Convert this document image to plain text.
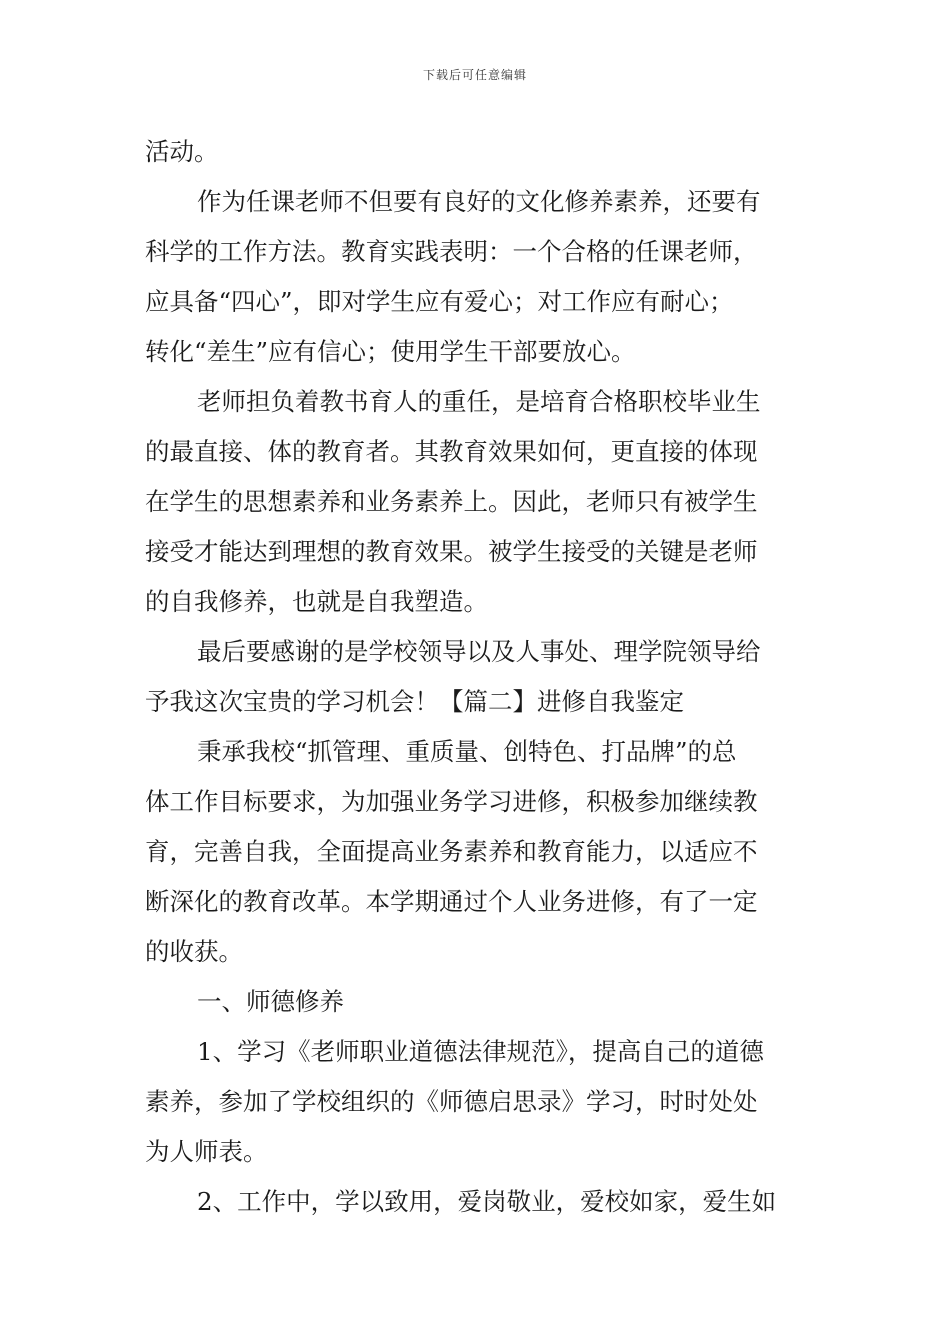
下载后可任意编辑
活动。
作为任课老师不但要有良好的文化修养素养，还要有
科学的工作方法。教育实践表明：一个合格的任课老师，
应具备“四心”，即对学生应有爱心；对工作应有耐心；
转化“差生”应有信心；使用学生干部要放心。
老师担负着教书育人的重任，是培育合格职校毕业生
的最直接、体的教育者。其教育效果如何，更直接的体现
在学生的思想素养和业务素养上。因此，老师只有被学生
接受才能达到理想的教育效果。被学生接受的关键是老师
的自我修养，也就是自我塑造。
最后要感谢的是学校领导以及人事处、理学院领导给
予我这次宝贵的学习机会！【篇二】进修自我鉴定
秉承我校“抓管理、重质量、创特色、打品牌”的总
体工作目标要求，为加强业务学习进修，积极参加继续教
育，完善自我，全面提高业务素养和教育能力，以适应不
断深化的教育改革。本学期通过个人业务进修，有了一定
的收获。
一、师德修养
1、学习《老师职业道德法律规范》，提高自己的道德
素养，参加了学校组织的《师德启思录》学习，时时处处
为人师表。
2、工作中，学以致用，爱岗敬业，爱校如家，爱生如
